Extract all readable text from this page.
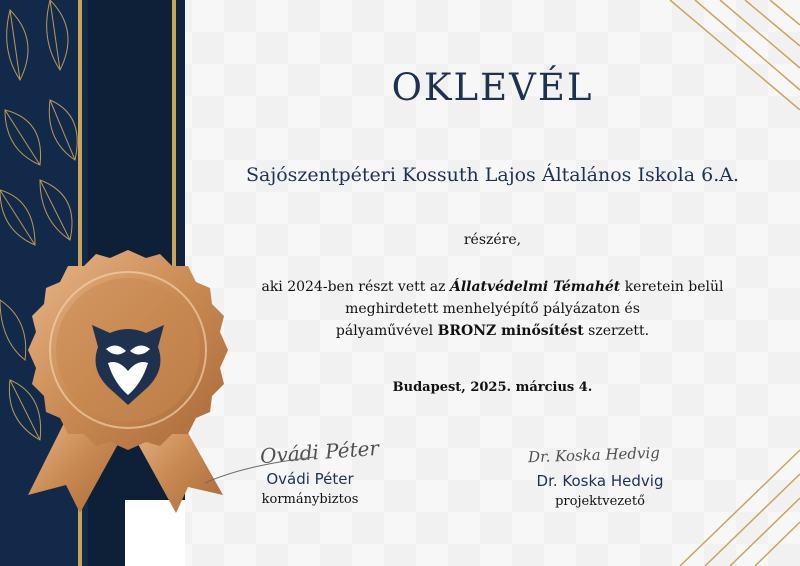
OKLEVÉL
Sajószentpéteri Kossuth Lajos Általános Iskola 6.A.
részére,
aki 2024-ben részt vett az Állatvédelmi Témahét keretein belül
meghirdetett menhelyépítő pályázaton és
pályaművével BRONZ minősítést szerzett.
Budapest, 2025. március 4.
Ovádi Péter
Ovádi Péter
kormánybiztos
Dr. Koska Hedvig
Dr. Koska Hedvig
projektvezető
